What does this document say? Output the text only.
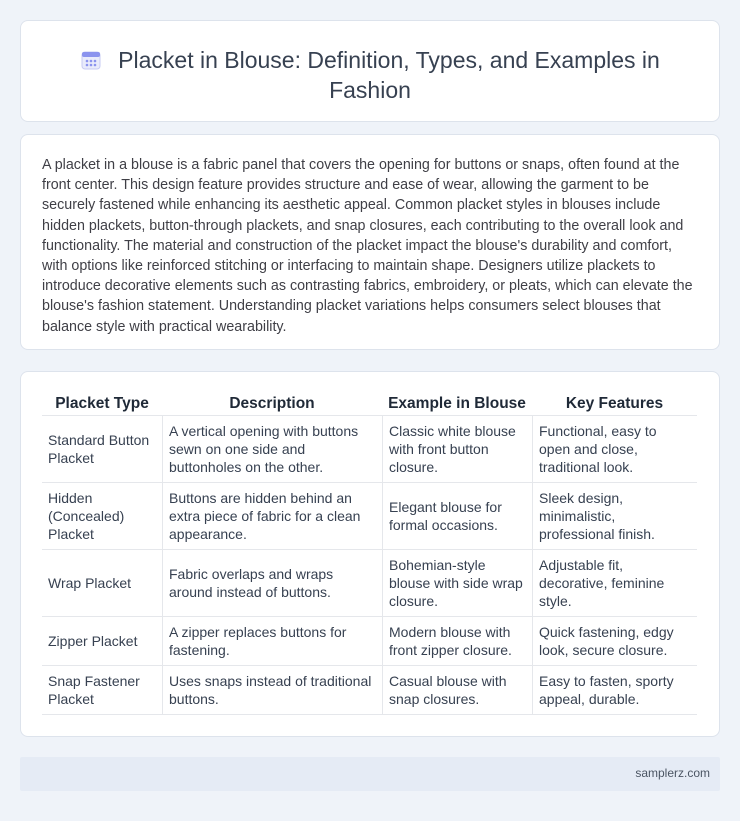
Placket in Blouse: Definition, Types, and Examples in Fashion

A placket in a blouse is a fabric panel that covers the opening for buttons or snaps, often found at the front center. This design feature provides structure and ease of wear, allowing the garment to be securely fastened while enhancing its aesthetic appeal. Common placket styles in blouses include hidden plackets, button-through plackets, and snap closures, each contributing to the overall look and functionality. The material and construction of the placket impact the blouse's durability and comfort, with options like reinforced stitching or interfacing to maintain shape. Designers utilize plackets to introduce decorative elements such as contrasting fabrics, embroidery, or pleats, which can elevate the blouse's fashion statement. Understanding placket variations helps consumers select blouses that balance style with practical wearability.

Placket Type	Description	Example in Blouse	Key Features
Standard Button Placket	A vertical opening with buttons sewn on one side and buttonholes on the other.	Classic white blouse with front button closure.	Functional, easy to open and close, traditional look.
Hidden (Concealed) Placket	Buttons are hidden behind an extra piece of fabric for a clean appearance.	Elegant blouse for formal occasions.	Sleek design, minimalistic, professional finish.
Wrap Placket	Fabric overlaps and wraps around instead of buttons.	Bohemian-style blouse with side wrap closure.	Adjustable fit, decorative, feminine style.
Zipper Placket	A zipper replaces buttons for fastening.	Modern blouse with front zipper closure.	Quick fastening, edgy look, secure closure.
Snap Fastener Placket	Uses snaps instead of traditional buttons.	Casual blouse with snap closures.	Easy to fasten, sporty appeal, durable.
samplerz.com
